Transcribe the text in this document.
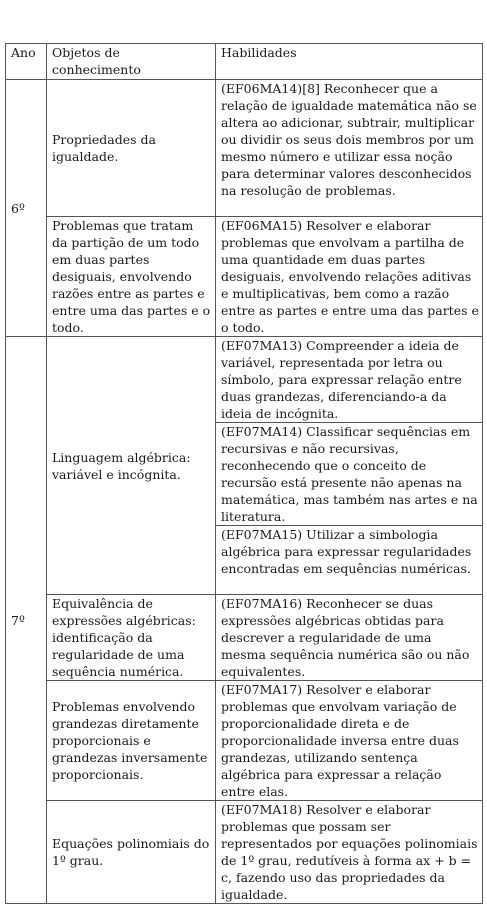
Ano	Objetos de conhecimento	Habilidades
6º	Propriedades da igualdade.	(EF06MA14)[8] Reconhecer que a relação de igualdade matemática não se altera ao adicionar, subtrair, multiplicar ou dividir os seus dois membros por um mesmo número e utilizar essa noção para determinar valores desconhecidos na resolução de problemas.
	Problemas que tratam da partição de um todo em duas partes desiguais, envolvendo razões entre as partes e entre uma das partes e o todo.	(EF06MA15) Resolver e elaborar problemas que envolvam a partilha de uma quantidade em duas partes desiguais, envolvendo relações aditivas e multiplicativas, bem como a razão entre as partes e entre uma das partes e o todo.
7º	Linguagem algébrica: variável e incógnita.	(EF07MA13) Compreender a ideia de variável, representada por letra ou símbolo, para expressar relação entre duas grandezas, diferenciando-a da ideia de incógnita.
		(EF07MA14) Classificar sequências em recursivas e não recursivas, reconhecendo que o conceito de recursão está presente não apenas na matemática, mas também nas artes e na literatura.
		(EF07MA15) Utilizar a simbologia algébrica para expressar regularidades encontradas em sequências numéricas.
	Equivalência de expressões algébricas: identificação da regularidade de uma sequência numérica.	(EF07MA16) Reconhecer se duas expressões algébricas obtidas para descrever a regularidade de uma mesma sequência numérica são ou não equivalentes.
	Problemas envolvendo grandezas diretamente proporcionais e grandezas inversamente proporcionais.	(EF07MA17) Resolver e elaborar problemas que envolvam variação de proporcionalidade direta e de proporcionalidade inversa entre duas grandezas, utilizando sentença algébrica para expressar a relação entre elas.
	Equações polinomiais do 1º grau.	(EF07MA18) Resolver e elaborar problemas que possam ser representados por equações polinomiais de 1º grau, redutíveis à forma ax + b = c, fazendo uso das propriedades da igualdade.
